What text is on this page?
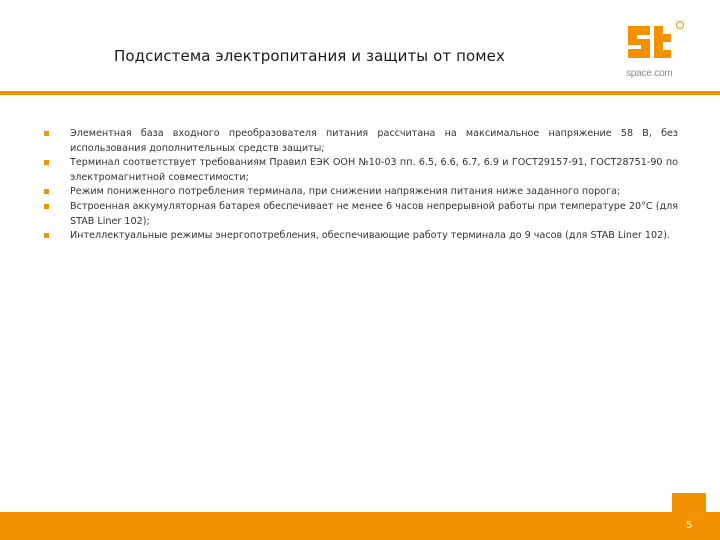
Подсистема электропитания и защиты от помех
space.com
Элементная база входного преобразователя питания рассчитана на максимальное напряжение 58 В, без использования дополнительных средств защиты;
Терминал соответствует требованиям Правил ЕЭК ООН №10-03 пп. 6.5, 6.6, 6.7, 6.9 и ГОСТ29157-91, ГОСТ28751-90 по электромагнитной совместимости;
Режим пониженного потребления терминала, при снижении напряжения питания ниже заданного порога;
Встроенная аккумуляторная батарея обеспечивает не менее 6 часов непрерывной работы при температуре 20°С (для STAB Liner 102);
Интеллектуальные режимы энергопотребления, обеспечивающие работу терминала до 9 часов (для STAB Liner 102).
5
